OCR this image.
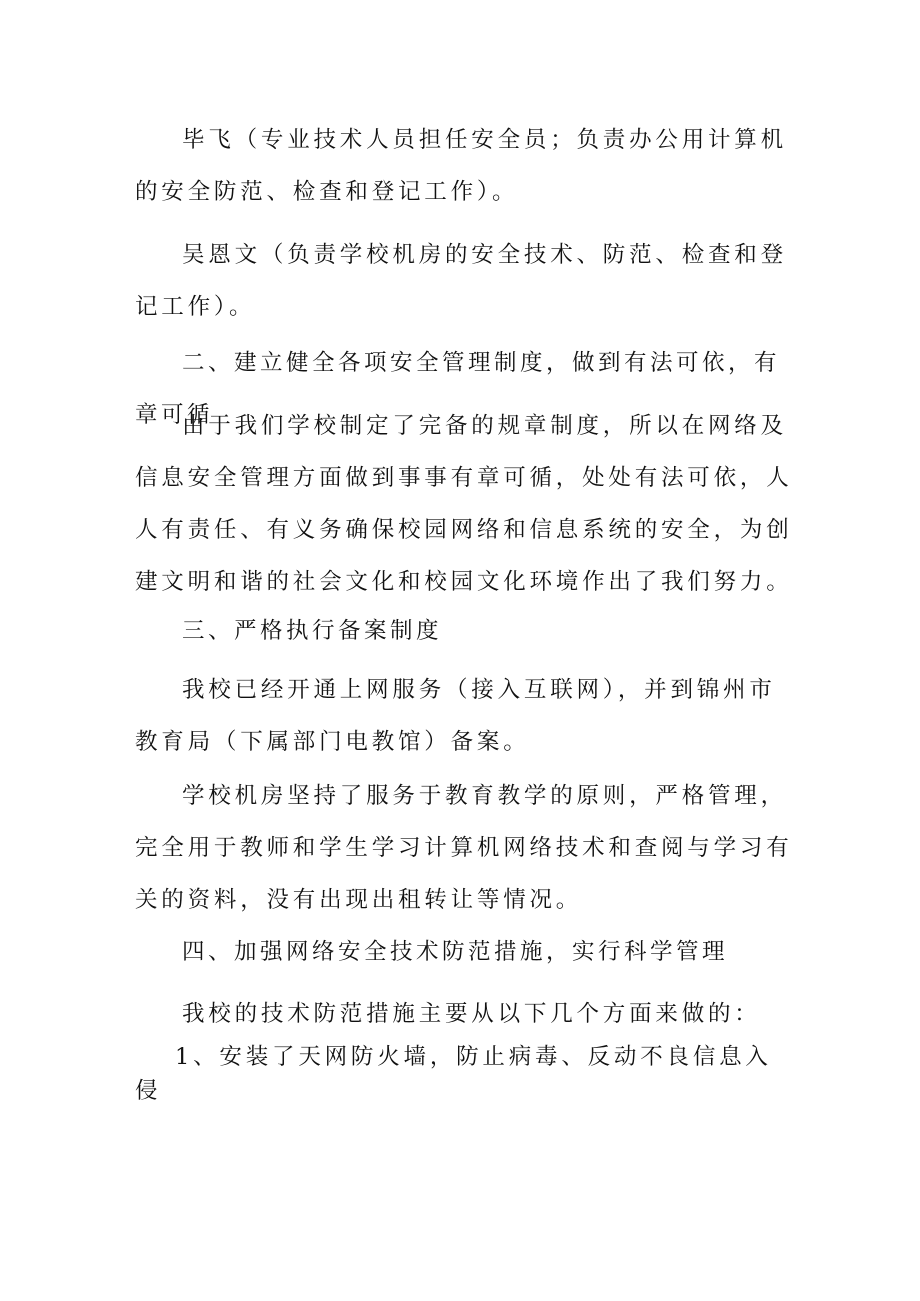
毕飞（专业技术人员担任安全员；负责办公用计算机的安全防范、检查和登记工作）。

吴恩文（负责学校机房的安全技术、防范、检查和登记工作）。

二、建立健全各项安全管理制度，做到有法可依，有章可循

由于我们学校制定了完备的规章制度，所以在网络及信息安全管理方面做到事事有章可循，处处有法可依，人人有责任、有义务确保校园网络和信息系统的安全，为创建文明和谐的社会文化和校园文化环境作出了我们努力。

三、严格执行备案制度

我校已经开通上网服务（接入互联网），并到锦州市教育局（下属部门电教馆）备案。

学校机房坚持了服务于教育教学的原则，严格管理，完全用于教师和学生学习计算机网络技术和查阅与学习有关的资料，没有出现出租转让等情况。

四、加强网络安全技术防范措施，实行科学管理

我校的技术防范措施主要从以下几个方面来做的：

1、安装了天网防火墙，防止病毒、反动不良信息入侵
